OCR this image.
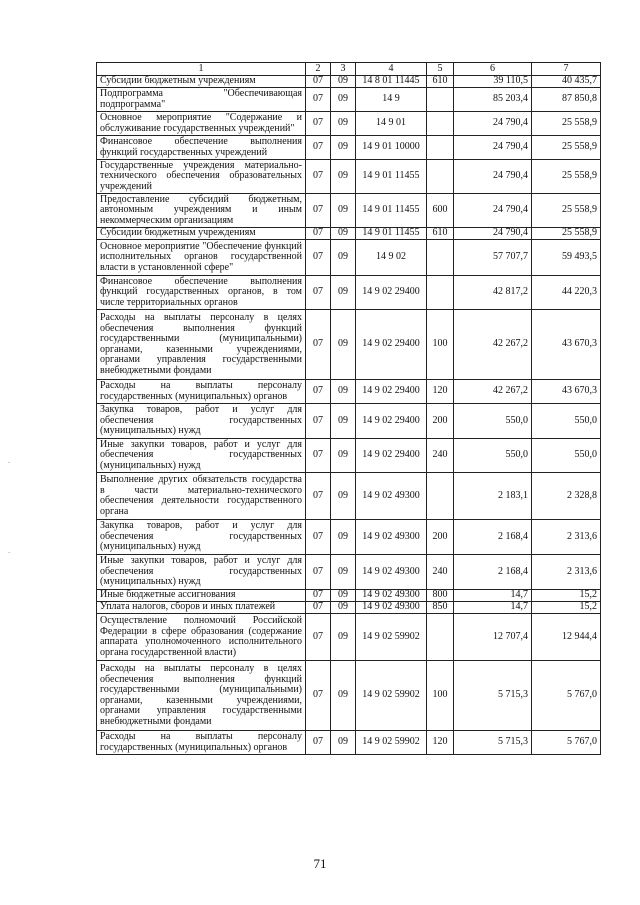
1	2	3	4	5	6	7
Субсидии бюджетным учреждениям	07	09	14 8 01 11445	610	39 110,5	40 435,7
Подпрограмма "Обеспечивающая подпрограмма"	07	09	14 9		85 203,4	87 850,8
Основное мероприятие "Содержание и обслуживание государственных учреждений"	07	09	14 9 01		24 790,4	25 558,9
Финансовое обеспечение выполнения функций государственных учреждений	07	09	14 9 01 10000		24 790,4	25 558,9
Государственные учреждения материально-технического обеспечения образовательных учреждений	07	09	14 9 01 11455		24 790,4	25 558,9
Предоставление субсидий бюджетным, автономным учреждениям и иным некоммерческим организациям	07	09	14 9 01 11455	600	24 790,4	25 558,9
Субсидии бюджетным учреждениям	07	09	14 9 01 11455	610	24 790,4	25 558,9
Основное мероприятие "Обеспечение функций исполнительных органов государственной власти в установленной сфере"	07	09	14 9 02		57 707,7	59 493,5
Финансовое обеспечение выполнения функций государственных органов, в том числе территориальных органов	07	09	14 9 02 29400		42 817,2	44 220,3
Расходы на выплаты персоналу в целях обеспечения выполнения функций государственными (муниципальными) органами, казенными учреждениями, органами управления государственными внебюджетными фондами	07	09	14 9 02 29400	100	42 267,2	43 670,3
Расходы на выплаты персоналу государственных (муниципальных) органов	07	09	14 9 02 29400	120	42 267,2	43 670,3
Закупка товаров, работ и услуг для обеспечения государственных (муниципальных) нужд	07	09	14 9 02 29400	200	550,0	550,0
Иные закупки товаров, работ и услуг для обеспечения государственных (муниципальных) нужд	07	09	14 9 02 29400	240	550,0	550,0
Выполнение других обязательств государства в части материально-технического обеспечения деятельности государственного органа	07	09	14 9 02 49300		2 183,1	2 328,8
Закупка товаров, работ и услуг для обеспечения государственных (муниципальных) нужд	07	09	14 9 02 49300	200	2 168,4	2 313,6
Иные закупки товаров, работ и услуг для обеспечения государственных (муниципальных) нужд	07	09	14 9 02 49300	240	2 168,4	2 313,6
Иные бюджетные ассигнования	07	09	14 9 02 49300	800	14,7	15,2
Уплата налогов, сборов и иных платежей	07	09	14 9 02 49300	850	14,7	15,2
Осуществление полномочий Российской Федерации в сфере образования (содержание аппарата уполномоченного исполнительного органа государственной власти)	07	09	14 9 02 59902		12 707,4	12 944,4
Расходы на выплаты персоналу в целях обеспечения выполнения функций государственными (муниципальными) органами, казенными учреждениями, органами управления государственными внебюджетными фондами	07	09	14 9 02 59902	100	5 715,3	5 767,0
Расходы на выплаты персоналу государственных (муниципальных) органов	07	09	14 9 02 59902	120	5 715,3	5 767,0
71
.
.
